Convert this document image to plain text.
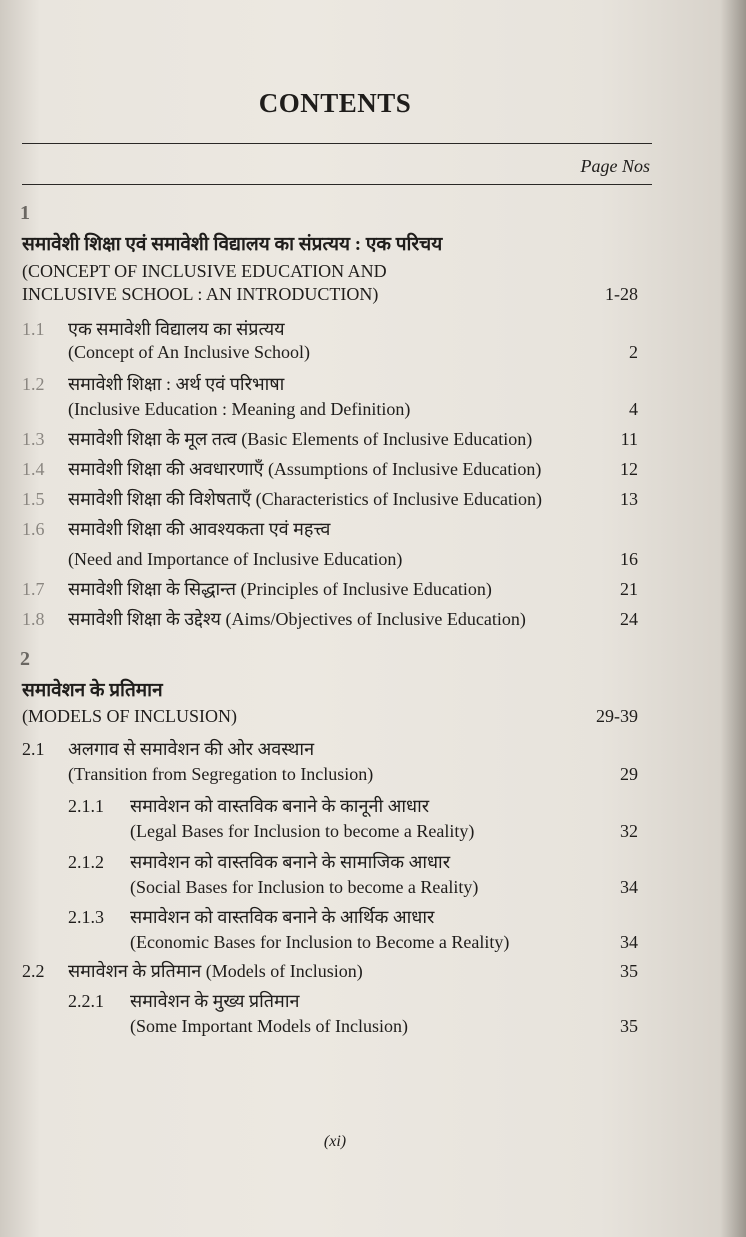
CONTENTS
Page Nos
1
समावेशी शिक्षा एवं समावेशी विद्यालय का संप्रत्यय : एक परिचय
(CONCEPT OF INCLUSIVE EDUCATION AND
INCLUSIVE SCHOOL : AN INTRODUCTION)	1-28
1.1 एक समावेशी विद्यालय का संप्रत्यय
(Concept of An Inclusive School)	2
1.2 समावेशी शिक्षा : अर्थ एवं परिभाषा
(Inclusive Education : Meaning and Definition)	4
1.3 समावेशी शिक्षा के मूल तत्व (Basic Elements of Inclusive Education)	11
1.4 समावेशी शिक्षा की अवधारणाएँ (Assumptions of Inclusive Education)	12
1.5 समावेशी शिक्षा की विशेषताएँ (Characteristics of Inclusive Education)	13
1.6 समावेशी शिक्षा की आवश्यकता एवं महत्त्व
(Need and Importance of Inclusive Education)	16
1.7 समावेशी शिक्षा के सिद्धान्त (Principles of Inclusive Education)	21
1.8 समावेशी शिक्षा के उद्देश्य (Aims/Objectives of Inclusive Education)	24
2
समावेशन के प्रतिमान
(MODELS OF INCLUSION)	29-39
2.1 अलगाव से समावेशन की ओर अवस्थान
(Transition from Segregation to Inclusion)	29
2.1.1 समावेशन को वास्तविक बनाने के कानूनी आधार
(Legal Bases for Inclusion to become a Reality)	32
2.1.2 समावेशन को वास्तविक बनाने के सामाजिक आधार
(Social Bases for Inclusion to become a Reality)	34
2.1.3 समावेशन को वास्तविक बनाने के आर्थिक आधार
(Economic Bases for Inclusion to Become a Reality)	34
2.2 समावेशन के प्रतिमान (Models of Inclusion)	35
2.2.1 समावेशन के मुख्य प्रतिमान
(Some Important Models of Inclusion)	35
(xi)
